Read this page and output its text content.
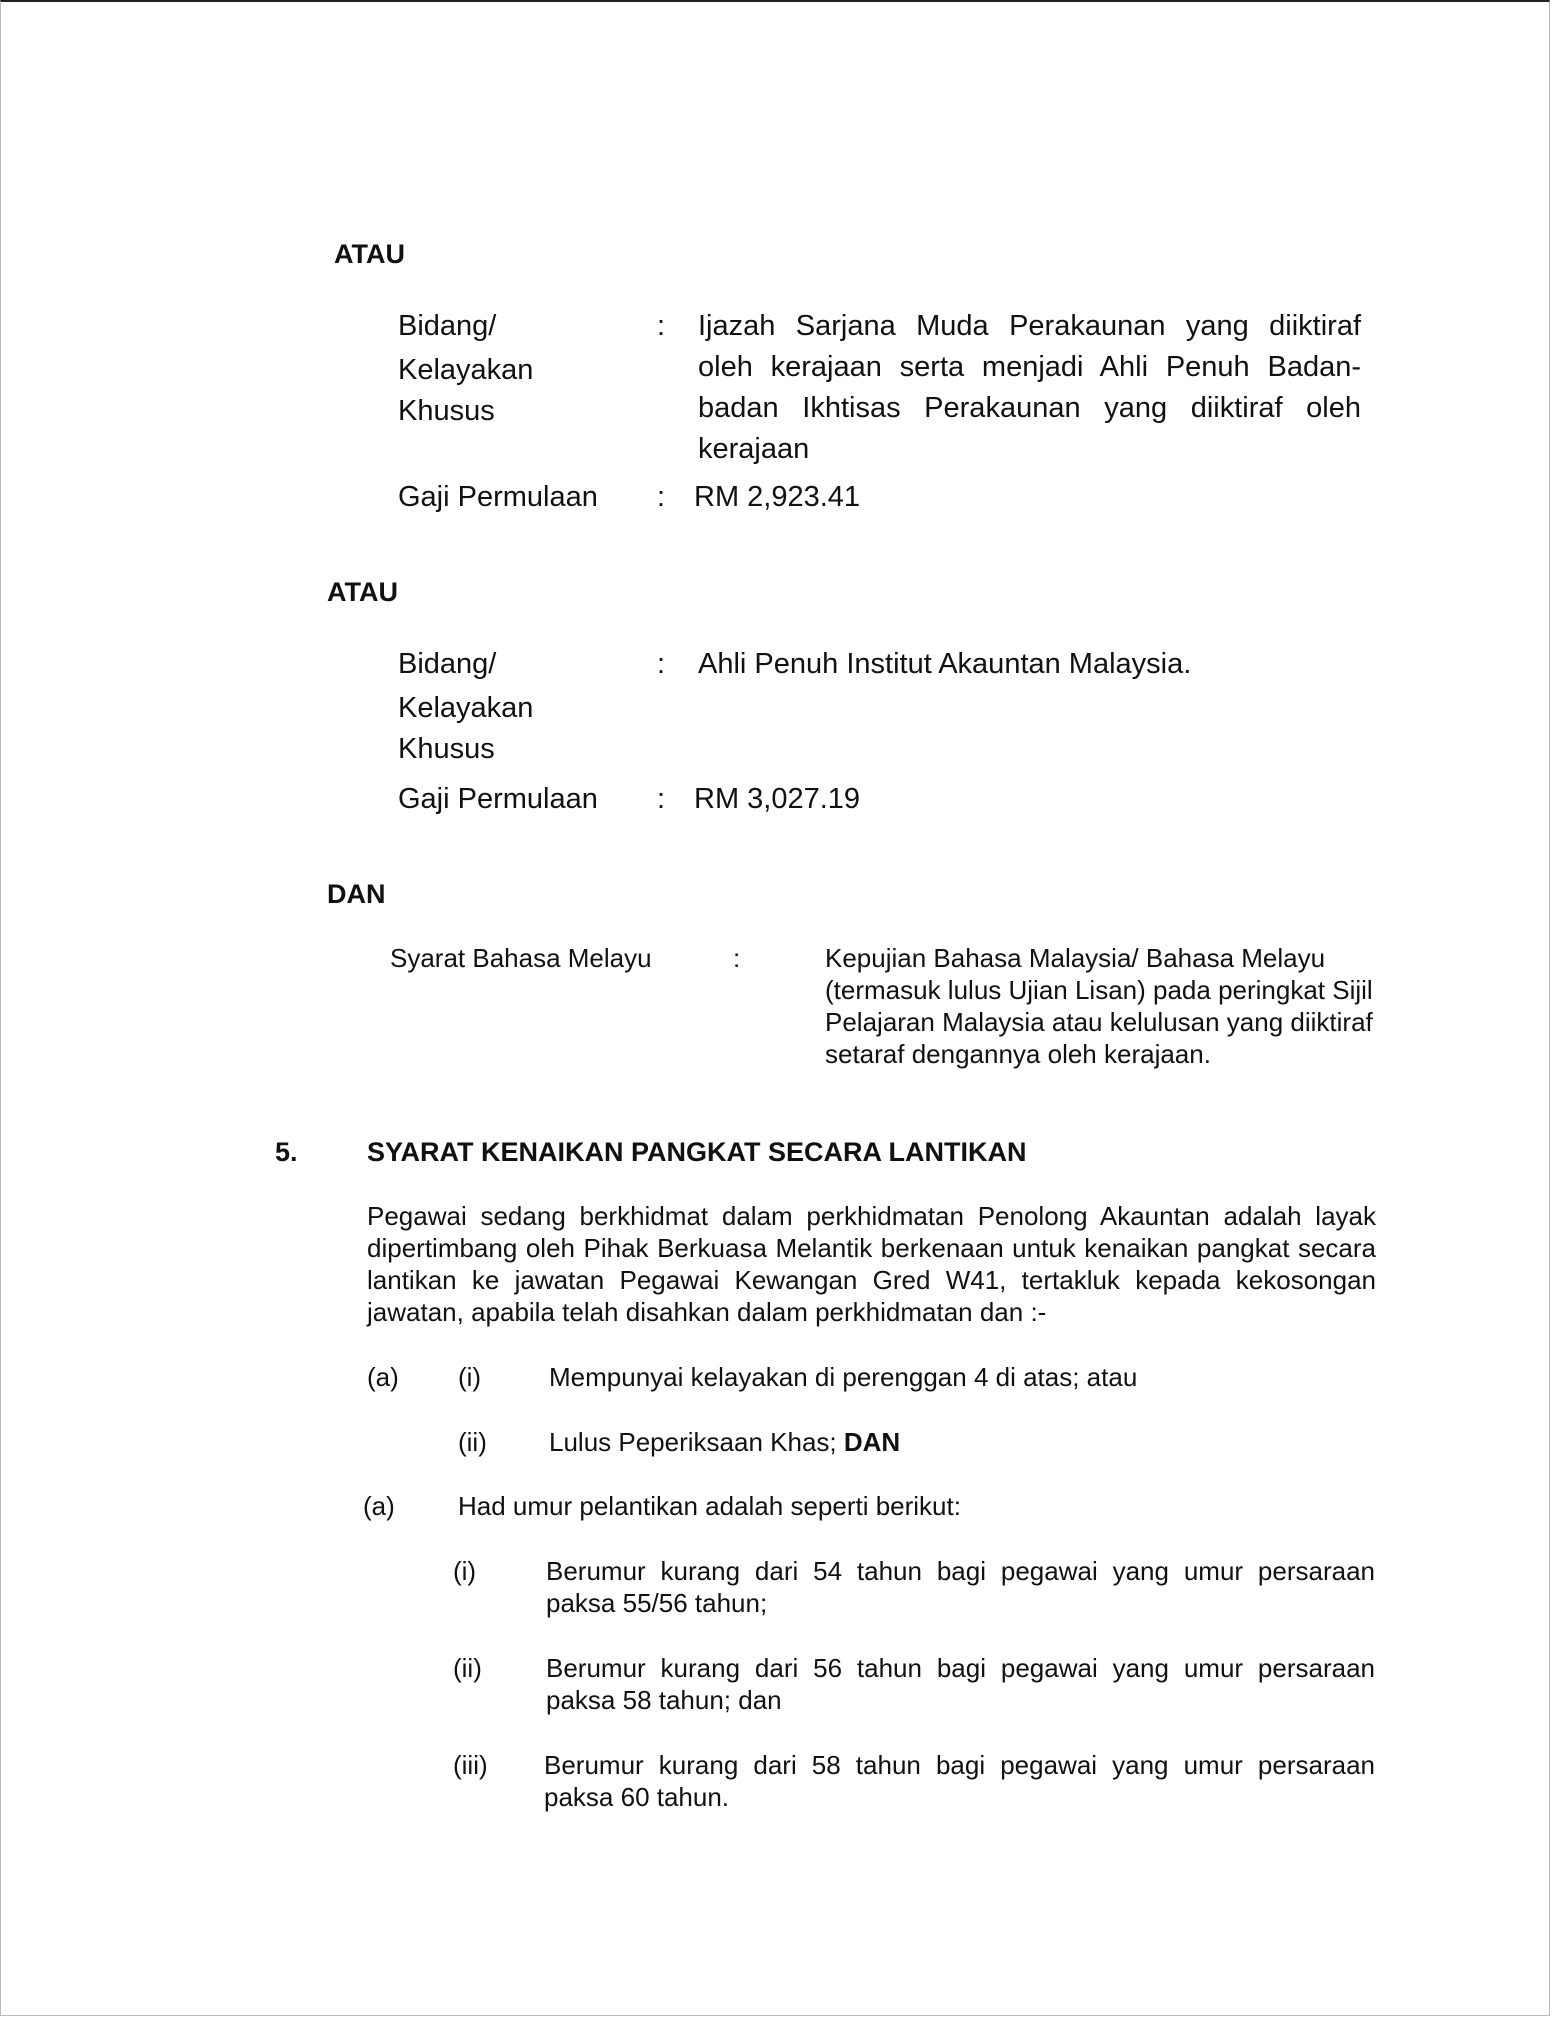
ATAU
Bidang/
Kelayakan
Khusus
: Ijazah Sarjana Muda Perakaunan yang diiktiraf oleh kerajaan serta menjadi Ahli Penuh Badan-badan Ikhtisas Perakaunan yang diiktiraf oleh kerajaan
Gaji Permulaan : RM 2,923.41
ATAU
Bidang/
Kelayakan
Khusus
: Ahli Penuh Institut Akauntan Malaysia.
Gaji Permulaan : RM 3,027.19
DAN
Syarat Bahasa Melayu	:	Kepujian Bahasa Malaysia/ Bahasa Melayu (termasuk lulus Ujian Lisan) pada peringkat Sijil Pelajaran Malaysia atau kelulusan yang diiktiraf setaraf dengannya oleh kerajaan.
5.	SYARAT KENAIKAN PANGKAT SECARA LANTIKAN
Pegawai sedang berkhidmat dalam perkhidmatan Penolong Akauntan adalah layak dipertimbang oleh Pihak Berkuasa Melantik berkenaan untuk kenaikan pangkat secara lantikan ke jawatan Pegawai Kewangan Gred W41, tertakluk kepada kekosongan jawatan, apabila telah disahkan dalam perkhidmatan dan :-
(a) (i)	Mempunyai kelayakan di perenggan 4 di atas; atau
(ii) Lulus Peperiksaan Khas; DAN
(a) Had umur pelantikan adalah seperti berikut:
(i)	Berumur kurang dari 54 tahun bagi pegawai yang umur persaraan paksa 55/56 tahun;
(ii) Berumur kurang dari 56 tahun bagi pegawai yang umur persaraan paksa 58 tahun; dan
(iii) Berumur kurang dari 58 tahun bagi pegawai yang umur persaraan paksa 60 tahun.
